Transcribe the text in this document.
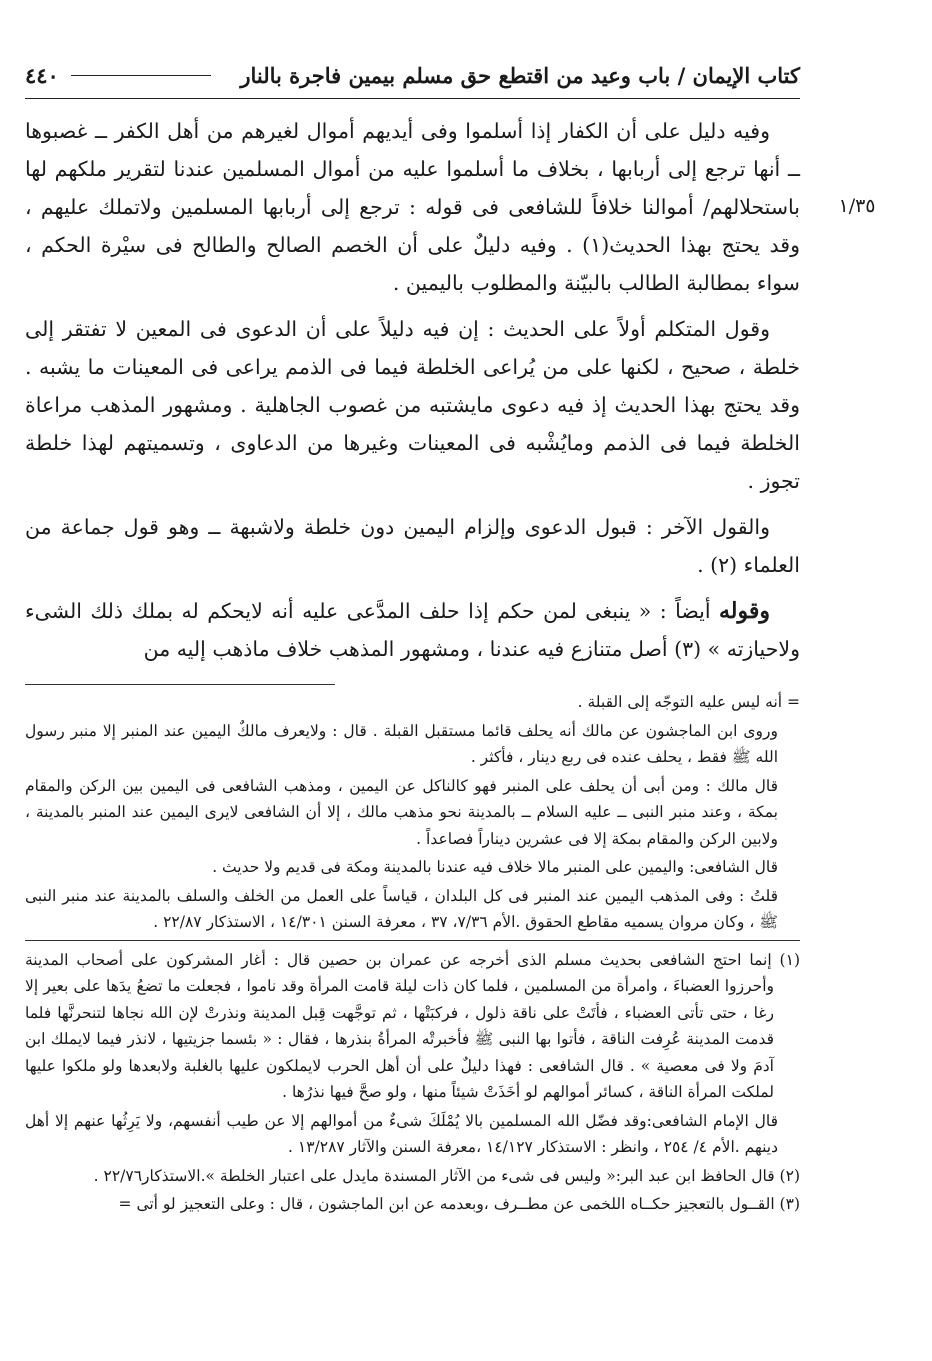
كتاب الإيمان / باب وعيد من اقتطع حق مسلم بيمين فاجرة بالنار
٤٤٠
١/٣٥

وفيه دليل على أن الكفار إذا أسلموا وفى أيديهم أموال لغيرهم من أهل الكفر ــ غصبوها ــ أنها ترجع إلى أربابها ، بخلاف ما أسلموا عليه من أموال المسلمين عندنا لتقرير ملكهم لها باستحلالهم/ أموالنا خلافاً للشافعى فى قوله : ترجع إلى أربابها المسلمين ولاتملك عليهم ، وقد يحتج بهذا الحديث(١) . وفيه دليلٌ على أن الخصم الصالح والطالح فى سيْرة الحكم ، سواء بمطالبة الطالب بالبيّنة والمطلوب باليمين .

وقول المتكلم أولاً على الحديث : إن فيه دليلاً على أن الدعوى فى المعين لا تفتقر إلى خلطة ، صحيح ، لكنها على من يُراعى الخلطة فيما فى الذمم يراعى فى المعينات ما يشبه . وقد يحتج بهذا الحديث إذ فيه دعوى مايشتبه من غصوب الجاهلية . ومشهور المذهب مراعاة الخلطة فيما فى الذمم ومايُشْبه فى المعينات وغيرها من الدعاوى ، وتسميتهم لهذا خلطة تجوز .

والقول الآخر : قبول الدعوى وإلزام اليمين دون خلطة ولاشبهة ــ وهو قول جماعة من العلماء (٢) .

وقوله أيضاً : « ينبغى لمن حكم إذا حلف المدَّعى عليه أنه لايحكم له بملك ذلك الشىء ولاحيازته » (٣) أصل متنازع فيه عندنا ، ومشهور المذهب خلاف ماذهب إليه من

= أنه ليس عليه التوجّه إلى القبلة .

وروى ابن الماجشون عن مالك أنه يحلف قائما مستقبل القبلة . قال : ولايعرف مالكٌ اليمين عند المنبر إلا منبر رسول الله ﷺ فقط ، يحلف عنده فى ربع دينار ، فأكثر .

قال مالك : ومن أبى أن يحلف على المنبر فهو كالناكل عن اليمين ، ومذهب الشافعى فى اليمين بين الركن والمقام بمكة ، وعند منبر النبى ــ عليه السلام ــ بالمدينة نحو مذهب مالك ، إلا أن الشافعى لايرى اليمين عند المنبر بالمدينة ، ولابين الركن والمقام بمكة إلا فى عشرين ديناراً فصاعداً .

قال الشافعى: واليمين على المنبر مالا خلاف فيه عندنا بالمدينة ومكة فى قديم ولا حديث .

قلتُ : وفى المذهب اليمين عند المنبر فى كل البلدان ، قياساً على العمل من الخلف والسلف بالمدينة عند منبر النبى ﷺ ، وكان مروان يسميه مقاطع الحقوق .الأم ٧/٣٦، ٣٧ ، معرفة السنن ١٤/٣٠١ ، الاستذكار ٢٢/٨٧ .

(١) إنما احتج الشافعى بحديث مسلم الذى أخرجه عن عمران بن حصين قال : أغار المشركون على أصحاب المدينة وأحرزوا العضباءَ ، وامرأة من المسلمين ، فلما كان ذات ليلة قامت المرأة وقد ناموا ، فجعلت ما تضعُ يدَها على بعير إلا رغا ، حتى تأتى العضباء ، فأتَتْ على ناقة ذلول ، فركبَتْها ، ثم توجَّهت قِبل المدينة ونذرتْ لإن الله نجاها لتنحرنَّها فلما قدمت المدينة عُرِفت الناقة ، فأتوا بها النبى ﷺ فأخبرتْه المرأةُ بنذرها ، فقال : « بئسما جزيتيها ، لانذر فيما لايملك ابن آدمَ ولا فى معصية » . قال الشافعى : فهذا دليلٌ على أن أهل الحرب لايملكون عليها بالغلبة ولابعدها ولو ملكوا عليها لملكت المرأة الناقة ، كسائر أموالهم لو أخَذَتْ شيئاً منها ، ولو صحَّ فيها نذرُها .

قال الإمام الشافعى:وقد فضّل الله المسلمين بالا يُمْلَكَ شىءٌ من أموالهم إلا عن طيب أنفسهم، ولا يَرِثُها عنهم إلا أهل دينهم .الأم ٤/ ٢٥٤ ، وانظر : الاستذكار ١٤/١٢٧ ،معرفة السنن والآثار ١٣/٢٨٧ .

(٢) قال الحافظ ابن عبد البر:« وليس فى شىء من الآثار المسندة مايدل على اعتبار الخلطة ».الاستذكار٢٢/٧٦ .

(٣) القــول بالتعجيز حكــاه اللخمى عن مطــرف ،وبعدمه عن ابن الماجشون ، قال : وعلى التعجيز لو أتى =
